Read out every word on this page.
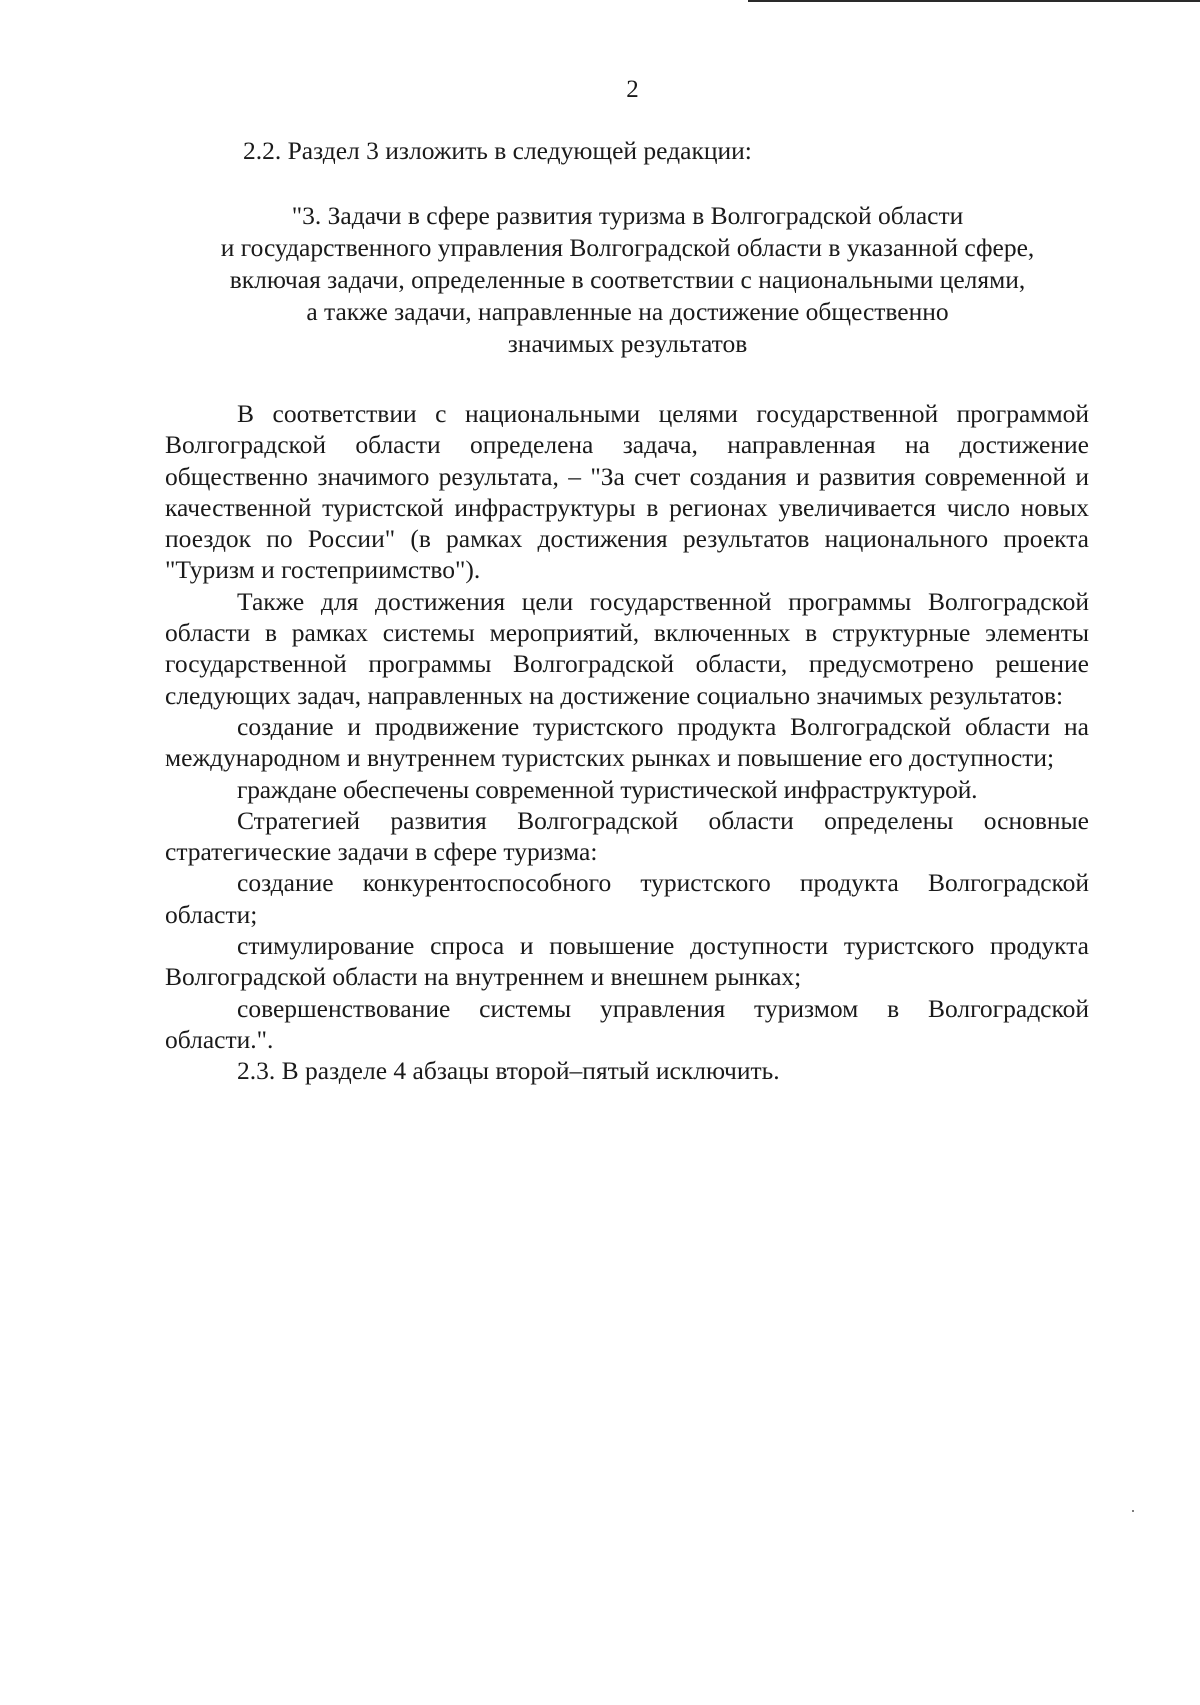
2
2.2. Раздел 3 изложить в следующей редакции:
"3. Задачи в сфере развития туризма в Волгоградской области
и государственного управления Волгоградской области в указанной сфере,
включая задачи, определенные в соответствии с национальными целями,
а также задачи, направленные на достижение общественно
значимых результатов

В соответствии с национальными целями государственной программой Волгоградской области определена задача, направленная на достижение общественно значимого результата, – "За счет создания и развития современной и качественной туристской инфраструктуры в регионах увеличивается число новых поездок по России" (в рамках достижения результатов национального проекта "Туризм и гостеприимство").

Также для достижения цели государственной программы Волгоградской области в рамках системы мероприятий, включенных в структурные элементы государственной программы Волгоградской области, предусмотрено решение следующих задач, направленных на достижение социально значимых результатов:

создание и продвижение туристского продукта Волгоградской области на международном и внутреннем туристских рынках и повышение его доступности;

граждане обеспечены современной туристической инфраструктурой.

Стратегией развития Волгоградской области определены основные стратегические задачи в сфере туризма:

создание конкурентоспособного туристского продукта Волгоградской области;

стимулирование спроса и повышение доступности туристского продукта Волгоградской области на внутреннем и внешнем рынках;

совершенствование системы управления туризмом в Волгоградской области.".

2.3. В разделе 4 абзацы второй–пятый исключить.
